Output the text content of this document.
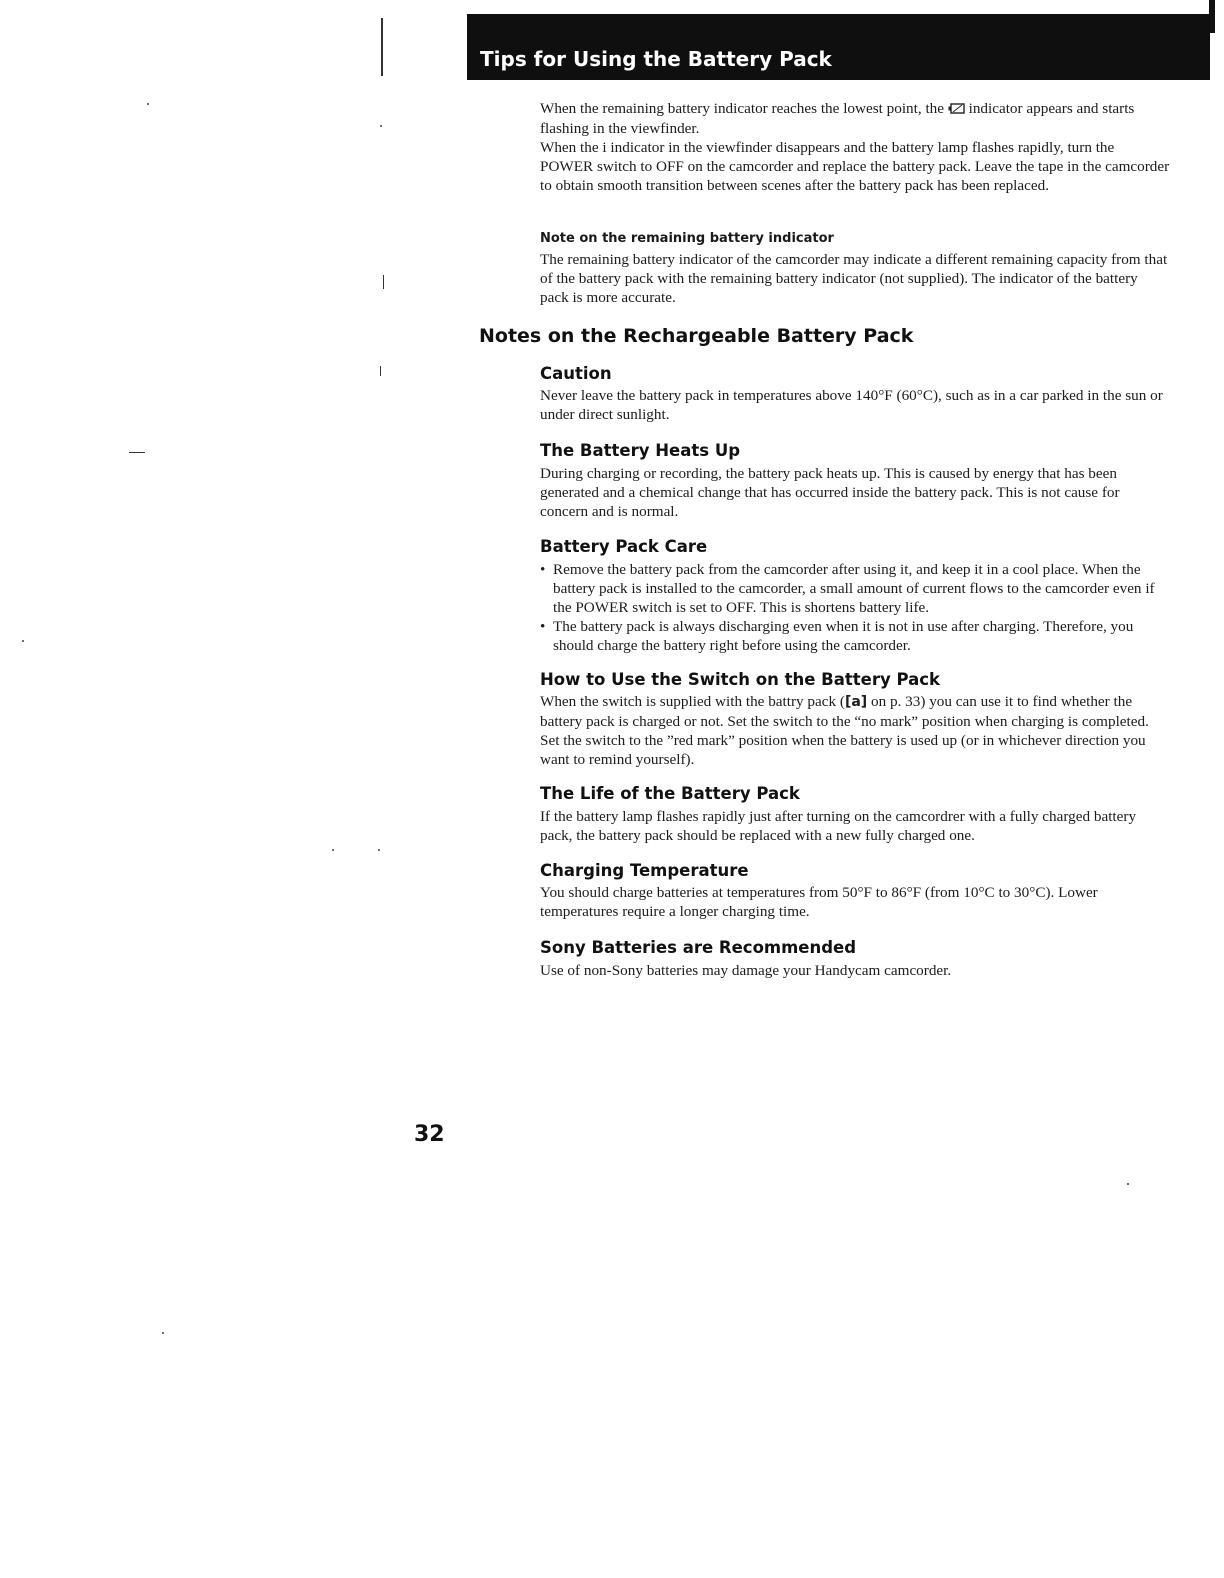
Tips for Using the Battery Pack

When the remaining battery indicator reaches the lowest point, the indicator appears and starts flashing in the viewfinder.

When the i indicator in the viewfinder disappears and the battery lamp flashes rapidly, turn the POWER switch to OFF on the camcorder and replace the battery pack. Leave the tape in the camcorder to obtain smooth transition between scenes after the battery pack has been replaced.

Note on the remaining battery indicator
The remaining battery indicator of the camcorder may indicate a different remaining capacity from that of the battery pack with the remaining battery indicator (not supplied). The indicator of the battery pack is more accurate.
Notes on the Rechargeable Battery Pack
Caution
Never leave the battery pack in temperatures above 140°F (60°C), such as in a car parked in the sun or under direct sunlight.
The Battery Heats Up
During charging or recording, the battery pack heats up. This is caused by energy that has been generated and a chemical change that has occurred inside the battery pack. This is not cause for concern and is normal.
Battery Pack Care
• Remove the battery pack from the camcorder after using it, and keep it in a cool place. When the battery pack is installed to the camcorder, a small amount of current flows to the camcorder even if the POWER switch is set to OFF. This is shortens battery life.
• The battery pack is always discharging even when it is not in use after charging. Therefore, you should charge the battery right before using the camcorder.
How to Use the Switch on the Battery Pack
When the switch is supplied with the battry pack ([a] on p. 33) you can use it to find whether the battery pack is charged or not. Set the switch to the “no mark” position when charging is completed. Set the switch to the ”red mark” position when the battery is used up (or in whichever direction you want to remind yourself).
The Life of the Battery Pack
If the battery lamp flashes rapidly just after turning on the camcordrer with a fully charged battery pack, the battery pack should be replaced with a new fully charged one.
Charging Temperature
You should charge batteries at temperatures from 50°F to 86°F (from 10°C to 30°C). Lower temperatures require a longer charging time.
Sony Batteries are Recommended
Use of non-Sony batteries may damage your Handycam camcorder.
32
